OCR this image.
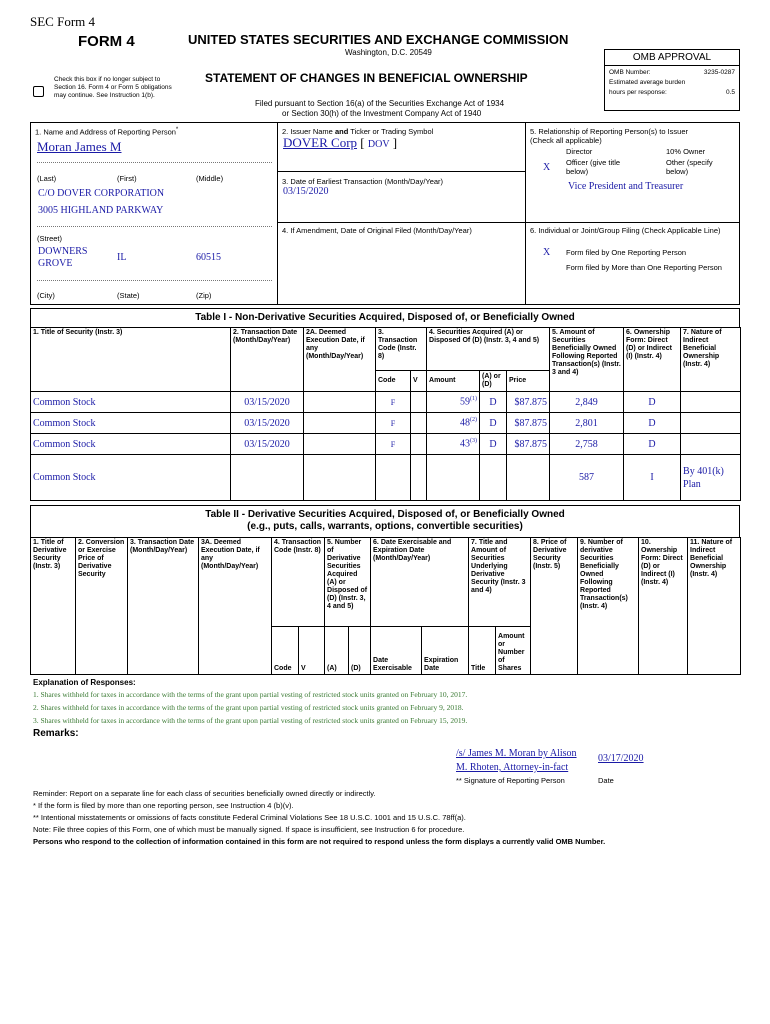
SEC Form 4
FORM 4	UNITED STATES SECURITIES AND EXCHANGE COMMISSION
Washington, D.C. 20549
STATEMENT OF CHANGES IN BENEFICIAL OWNERSHIP
Filed pursuant to Section 16(a) of the Securities Exchange Act of 1934
or Section 30(h) of the Investment Company Act of 1940
Check this box if no longer subject to Section 16. Form 4 or Form 5 obligations may continue. See Instruction 1(b).
OMB APPROVAL
OMB Number:	3235-0287
Estimated average burden
hours per response:	0.5
1. Name and Address of Reporting Person*
Moran James M
(Last)	(First)	(Middle)
C/O DOVER CORPORATION
3005 HIGHLAND PARKWAY
(Street)
DOWNERS GROVE
IL	60515
(City)	(State)	(Zip)
2. Issuer Name and Ticker or Trading Symbol
DOVER Corp [ DOV ]
3. Date of Earliest Transaction (Month/Day/Year)
03/15/2020
4. If Amendment, Date of Original Filed (Month/Day/Year)
5. Relationship of Reporting Person(s) to Issuer
(Check all applicable)
Director	10% Owner
X Officer (give title below)
Other (specify below)
Vice President and Treasurer
6. Individual or Joint/Group Filing (Check Applicable Line)
X Form filed by One Reporting Person
Form filed by More than One Reporting Person
Table I - Non-Derivative Securities Acquired, Disposed of, or Beneficially Owned
1. Title of Security (Instr. 3)	2. Transaction Date (Month/Day/Year)	2A. Deemed Execution Date, if any (Month/Day/Year)	3. Transaction Code (Instr. 8)		4. Securities Acquired (A) or Disposed Of (D) (Instr. 3, 4 and 5)			5. Amount of Securities Beneficially Owned Following Reported Transaction(s) (Instr. 3 and 4)	6. Ownership Form: Direct (D) or Indirect (I) (Instr. 4)	7. Nature of Indirect Beneficial Ownership (Instr. 4)
			Code	V	Amount	(A) or (D)	Price			
Common Stock	03/15/2020		F		59$^{(1)}$	D	$87.875	2,849	D	
Common Stock	03/15/2020		F		48$^{(2)}$	D	$87.875	2,801	D	
Common Stock	03/15/2020		F		43$^{(3)}$	D	$87.875	2,758	D	
Common Stock								587	I	By 401(k) Plan
Table II - Derivative Securities Acquired, Disposed of, or Beneficially Owned
(e.g., puts, calls, warrants, options, convertible securities)
1. Title of Derivative Security (Instr. 3)	2. Conversion or Exercise Price of Derivative Security	3. Transaction Date (Month/Day/Year)	3A. Deemed Execution Date, if any (Month/Day/Year)	4. Transaction Code (Instr. 8)		5. Number of Derivative Securities Acquired (A) or Disposed of (D) (Instr. 3, 4 and 5)		6. Date Exercisable and Expiration Date (Month/Day/Year)		7. Title and Amount of Securities Underlying Derivative Security (Instr. 3 and 4)		8. Price of Derivative Security (Instr. 5)	9. Number of derivative Securities Beneficially Owned Following Reported Transaction(s) (Instr. 4)	10. Ownership Form: Direct (D) or Indirect (I) (Instr. 4)	11. Nature of Indirect Beneficial Ownership (Instr. 4)
				Code	V	(A)	(D)	Date Exercisable	Expiration Date	Title	Amount or Number of Shares				
Explanation of Responses:
1. Shares withheld for taxes in accordance with the terms of the grant upon partial vesting of restricted stock units granted on February 10, 2017.
2. Shares withheld for taxes in accordance with the terms of the grant upon partial vesting of restricted stock units granted on February 9, 2018.
3. Shares withheld for taxes in accordance with the terms of the grant upon partial vesting of restricted stock units granted on February 15, 2019.
Remarks:
/s/ James M. Moran by Alison
M. Rhoten, Attorney-in-fact
03/17/2020
** Signature of Reporting Person	Date
Reminder: Report on a separate line for each class of securities beneficially owned directly or indirectly.
* If the form is filed by more than one reporting person, see Instruction 4 (b)(v).
** Intentional misstatements or omissions of facts constitute Federal Criminal Violations See 18 U.S.C. 1001 and 15 U.S.C. 78ff(a).
Note: File three copies of this Form, one of which must be manually signed. If space is insufficient, see Instruction 6 for procedure.
Persons who respond to the collection of information contained in this form are not required to respond unless the form displays a currently valid OMB Number.
